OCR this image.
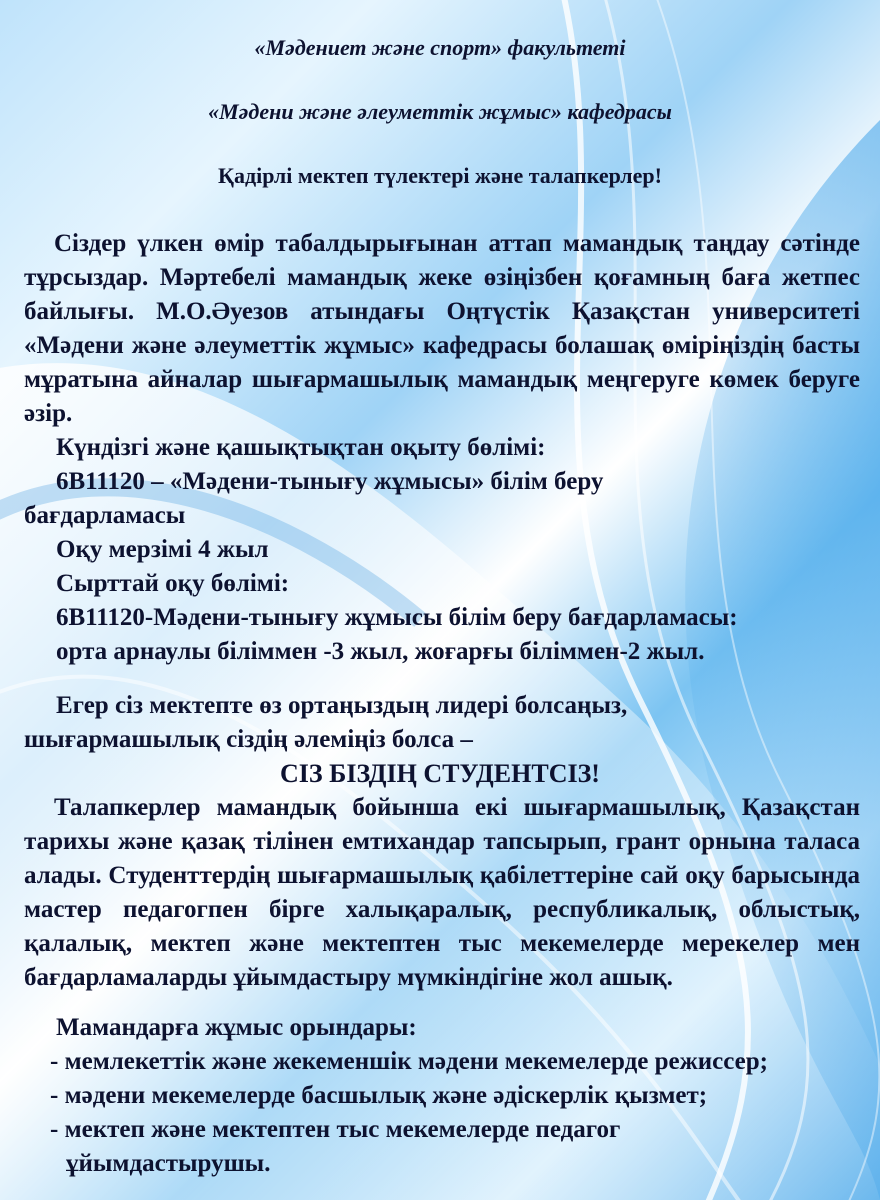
«Мәдениет және спорт» факультеті
«Мәдени және әлеуметтік жұмыс» кафедрасы
Қадірлі мектеп түлектері және талапкерлер!
Сіздер үлкен өмір табалдырығынан аттап мамандық таңдау сәтінде тұрсыздар. Мәртебелі мамандық жеке өзіңізбен қоғамның баға жетпес байлығы. М.О.Әуезов атындағы Оңтүстік Қазақстан университеті «Мәдени және әлеуметтік жұмыс» кафедрасы болашақ өміріңіздің басты мұратына айналар шығармашылық мамандық меңгеруге көмек беруге әзір.
Күндізгі және қашықтықтан оқыту бөлімі:
6В11120 – «Мәдени-тынығу жұмысы» білім беру
бағдарламасы
Оқу мерзімі 4 жыл
Сырттай оқу бөлімі:
6В11120-Мәдени-тынығу жұмысы білім беру бағдарламасы:
орта арнаулы біліммен -3 жыл, жоғарғы біліммен-2 жыл.
Егер сіз мектепте өз ортаңыздың лидері болсаңыз,
шығармашылық сіздің әлеміңіз болса –
СІЗ БІЗДІҢ СТУДЕНТСІЗ!
Талапкерлер мамандық бойынша екі шығармашылық, Қазақстан тарихы және қазақ тілінен емтихандар тапсырып, грант орнына таласа алады. Студенттердің шығармашылық қабілеттеріне сай оқу барысында мастер педагогпен бірге халықаралық, республикалық, облыстық, қалалық, мектеп және мектептен тыс мекемелерде мерекелер мен бағдарламаларды ұйымдастыру мүмкіндігіне жол ашық.
Мамандарға жұмыс орындары:
- мемлекеттік және жекеменшік мәдени мекемелерде режиссер;
- мәдени мекемелерде басшылық және әдіскерлік қызмет;
- мектеп және мектептен тыс мекемелерде педагог
ұйымдастырушы.
